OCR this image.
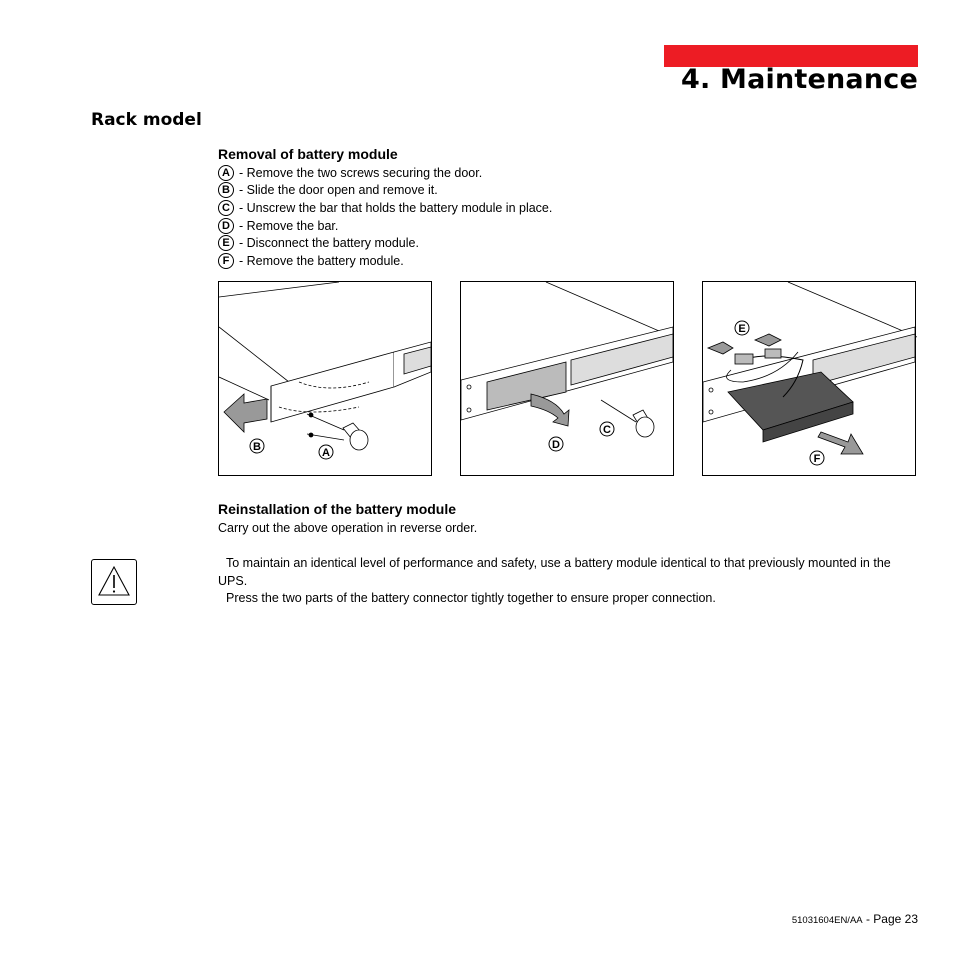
4. Maintenance
Rack model
Removal of battery module
A - Remove the two screws securing the door.
B - Slide the door open and remove it.
C - Unscrew the bar that holds the battery module in place.
D - Remove the bar.
E - Disconnect the battery module.
F - Remove the battery module.
B	A
D
C
E
F
Reinstallation of the battery module

Carry out the above operation in reverse order.

To maintain an identical level of performance and safety, use a battery module identical to that previously mounted in the

UPS.

Press the two parts of the battery connector tightly together to ensure proper connection.

51031604EN/AA - Page 23
